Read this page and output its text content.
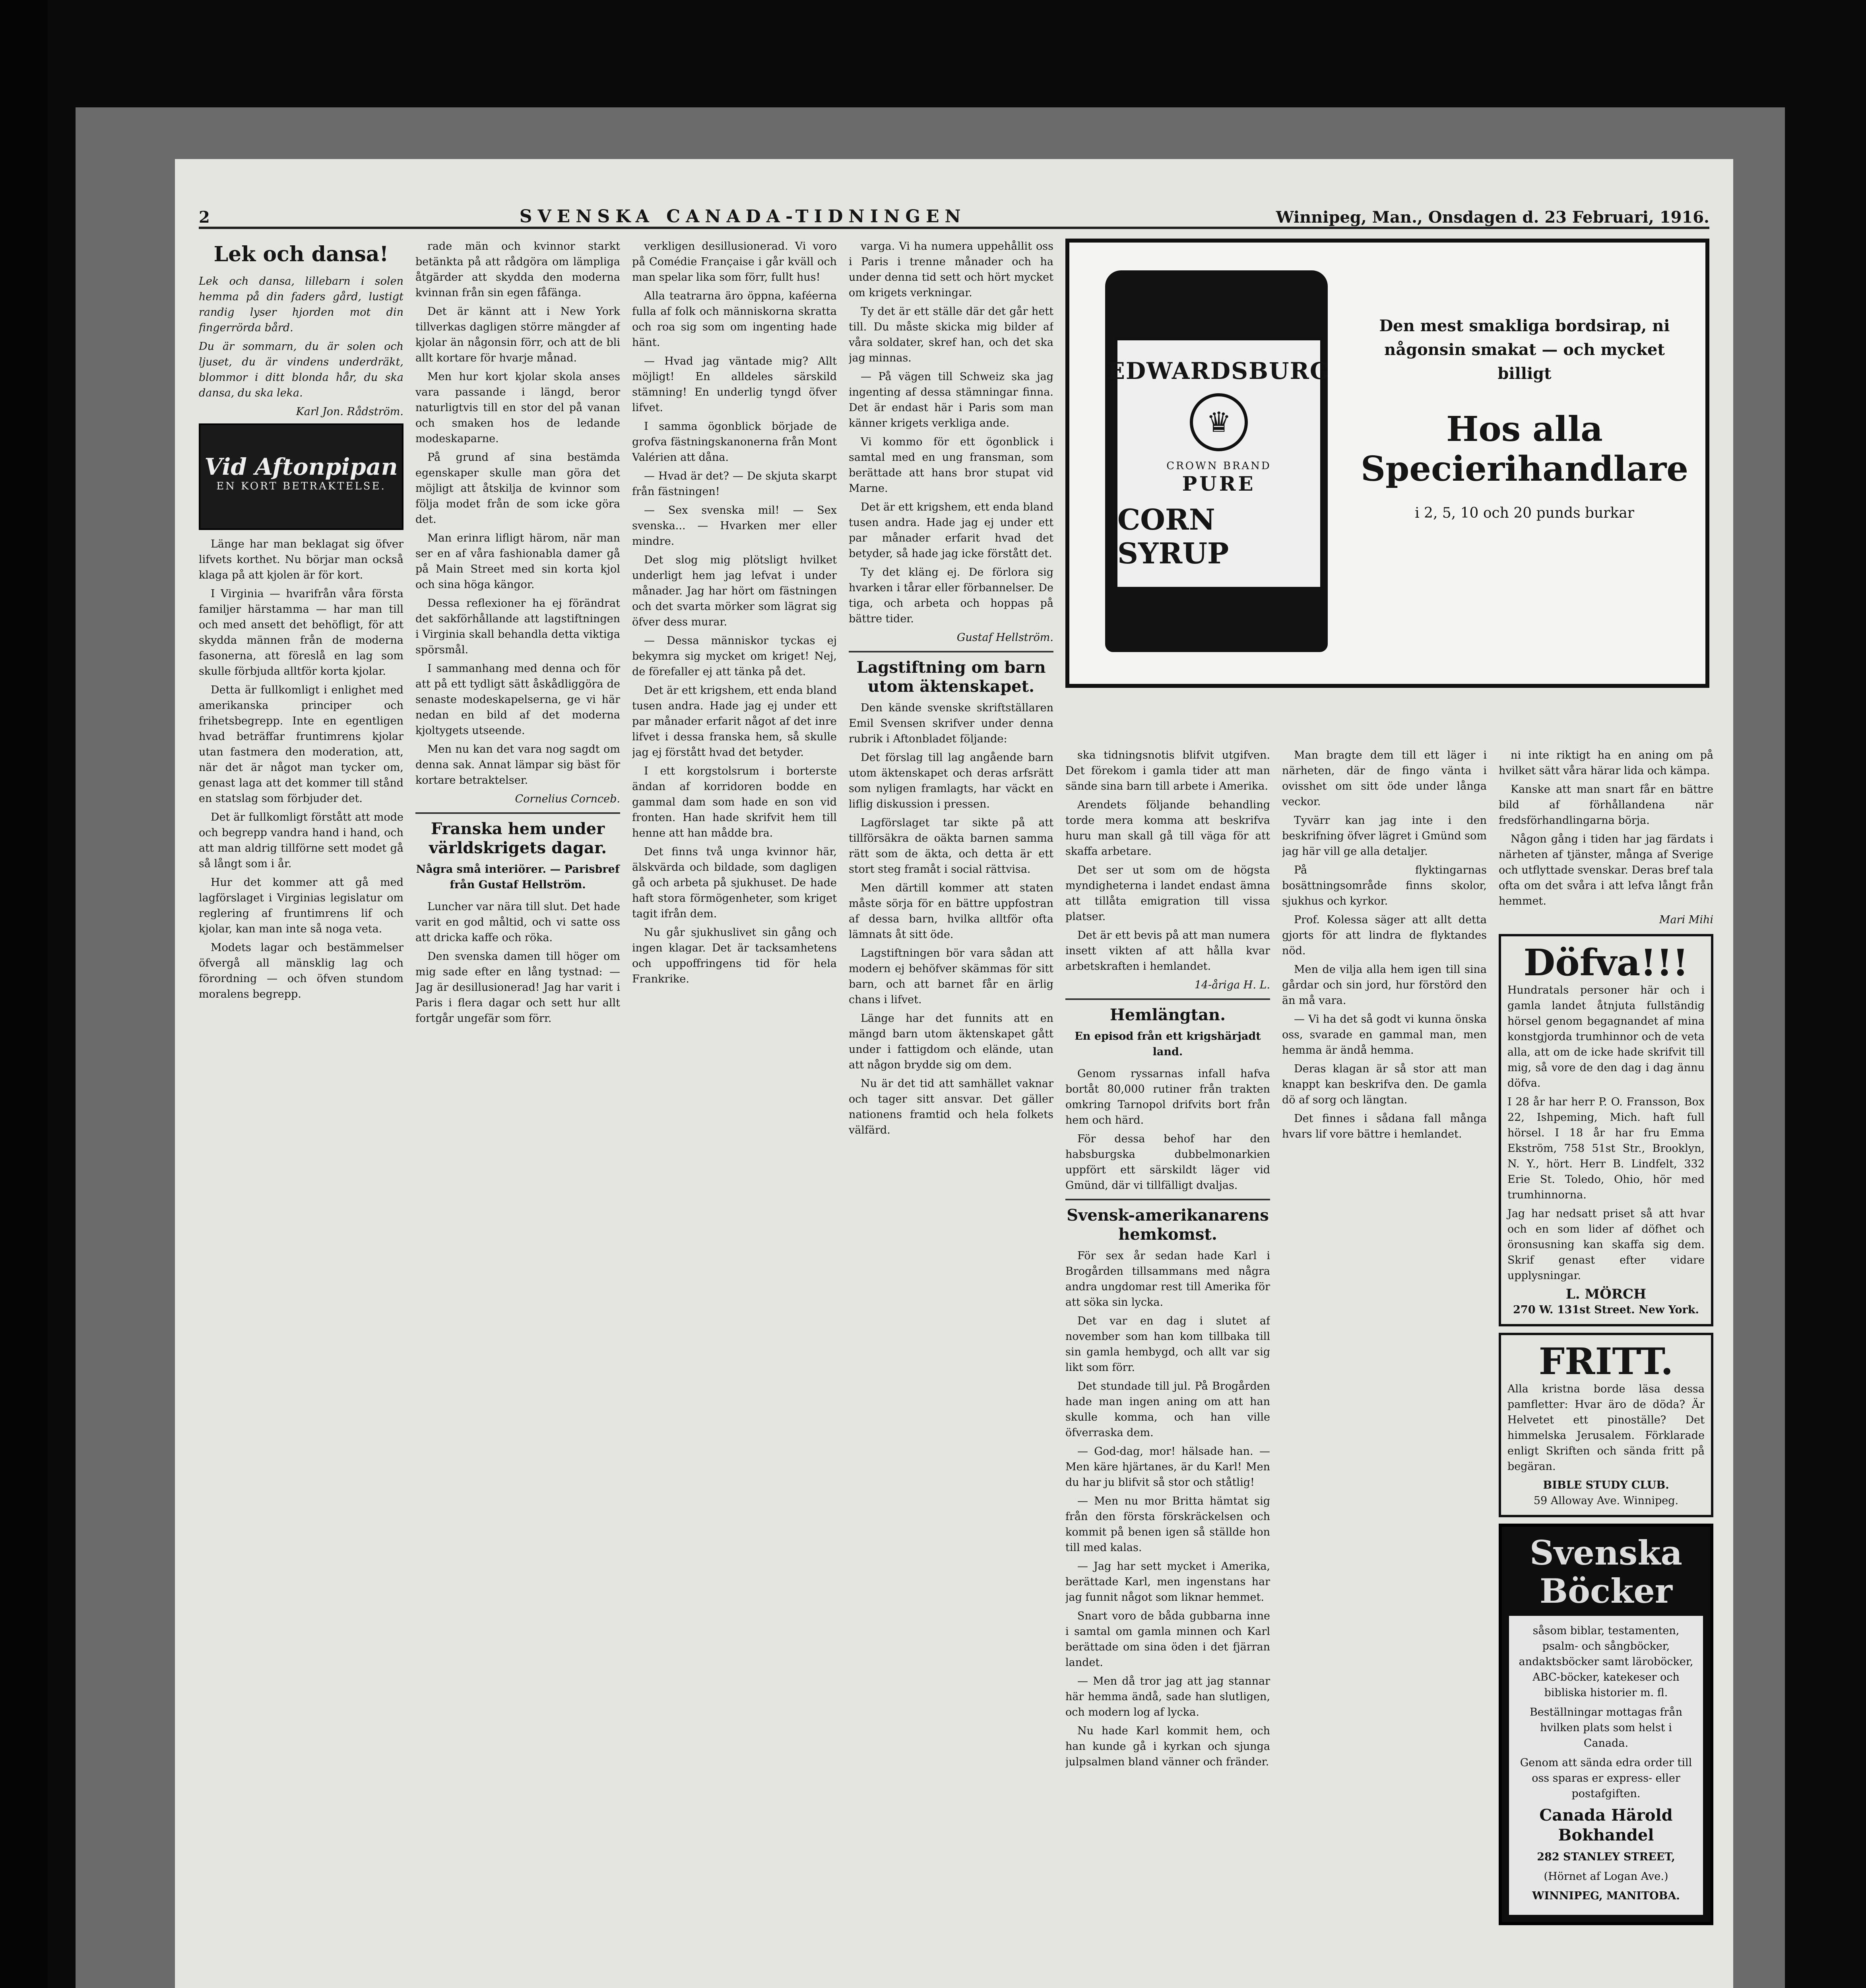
2	SVENSKA CANADA-TIDNINGEN	Winnipeg, Man., Onsdagen d. 23 Februari, 1916.
Lek och dansa!

Lek och dansa, lillebarn i solen hemma på din faders gård, lustigt randig lyser hjorden mot din fingerrörda bård.

Du är sommarn, du är solen och ljuset, du är vindens underdräkt, blommor i ditt blonda hår, du ska dansa, du ska leka.

Karl Jon. Rådström.

Vid Aftonpipan
EN KORT BETRAKTELSE.

Länge har man beklagat sig öfver lifvets korthet. Nu börjar man också klaga på att kjolen är för kort.

I Virginia — hvarifrån våra första familjer härstamma — har man till och med ansett det behöfligt, för att skydda männen från de moderna fasonerna, att föreslå en lag som skulle förbjuda alltför korta kjolar.

Detta är fullkomligt i enlighet med amerikanska principer och frihetsbegrepp. Inte en egentligen hvad beträffar fruntimrens kjolar utan fastmera den moderation, att, när det är något man tycker om, genast laga att det kommer till stånd en statslag som förbjuder det.

Det är fullkomligt förstått att mode och begrepp vandra hand i hand, och att man aldrig tillförne sett modet gå så långt som i år.

Hur det kommer att gå med lagförslaget i Virginias legislatur om reglering af fruntimrens lif och kjolar, kan man inte så noga veta.

Modets lagar och bestämmelser öfvergå all mänsklig lag och förordning — och öfven stundom moralens begrepp.

rade män och kvinnor starkt betänkta på att rådgöra om lämpliga åtgärder att skydda den moderna kvinnan från sin egen fåfänga.

Det är kännt att i New York tillverkas dagligen större mängder af kjolar än någonsin förr, och att de bli allt kortare för hvarje månad.

Men hur kort kjolar skola anses vara passande i längd, beror naturligtvis till en stor del på vanan och smaken hos de ledande modeskaparne.

På grund af sina bestämda egenskaper skulle man göra det möjligt att åtskilja de kvinnor som följa modet från de som icke göra det.

Man erinra lifligt härom, när man ser en af våra fashionabla damer gå på Main Street med sin korta kjol och sina höga kängor.

Dessa reflexioner ha ej förändrat det sakförhållande att lagstiftningen i Virginia skall behandla detta viktiga spörsmål.

I sammanhang med denna och för att på ett tydligt sätt åskådliggöra de senaste modeskapelserna, ge vi här nedan en bild af det moderna kjoltygets utseende.

Men nu kan det vara nog sagdt om denna sak. Annat lämpar sig bäst för kortare betraktelser.

Cornelius Cornceb.

Franska hem under världskrigets dagar.

Några små interiörer. — Parisbref från Gustaf Hellström.

Luncher var nära till slut. Det hade varit en god måltid, och vi satte oss att dricka kaffe och röka.

Den svenska damen till höger om mig sade efter en lång tystnad: — Jag är desillusionerad! Jag har varit i Paris i flera dagar och sett hur allt fortgår ungefär som förr.

verkligen desillusionerad. Vi voro på Comédie Française i går kväll och man spelar lika som förr, fullt hus!

Alla teatrarna äro öppna, kaféerna fulla af folk och människorna skratta och roa sig som om ingenting hade hänt.

— Hvad jag väntade mig? Allt möjligt! En alldeles särskild stämning! En underlig tyngd öfver lifvet.

I samma ögonblick började de grofva fästningskanonerna från Mont Valérien att dåna.

— Hvad är det? — De skjuta skarpt från fästningen!

— Sex svenska mil! — Sex svenska... — Hvarken mer eller mindre.

Det slog mig plötsligt hvilket underligt hem jag lefvat i under månader. Jag har hört om fästningen och det svarta mörker som lägrat sig öfver dess murar.

— Dessa människor tyckas ej bekymra sig mycket om kriget! Nej, de förefaller ej att tänka på det.

Det är ett krigshem, ett enda bland tusen andra. Hade jag ej under ett par månader erfarit något af det inre lifvet i dessa franska hem, så skulle jag ej förstått hvad det betyder.

I ett korgstolsrum i borterste ändan af korridoren bodde en gammal dam som hade en son vid fronten. Han hade skrifvit hem till henne att han mådde bra.

Det finns två unga kvinnor här, älskvärda och bildade, som dagligen gå och arbeta på sjukhuset. De hade haft stora förmögenheter, som kriget tagit ifrån dem.

Nu går sjukhuslivet sin gång och ingen klagar. Det är tacksamhetens och uppoffringens tid för hela Frankrike.

varga. Vi ha numera uppehållit oss i Paris i trenne månader och ha under denna tid sett och hört mycket om krigets verkningar.

Ty det är ett ställe där det går hett till. Du måste skicka mig bilder af våra soldater, skref han, och det ska jag minnas.

— På vägen till Schweiz ska jag ingenting af dessa stämningar finna. Det är endast här i Paris som man känner krigets verkliga ande.

Vi kommo för ett ögonblick i samtal med en ung fransman, som berättade att hans bror stupat vid Marne.

Det är ett krigshem, ett enda bland tusen andra. Hade jag ej under ett par månader erfarit hvad det betyder, så hade jag icke förstått det.

Ty det kläng ej. De förlora sig hvarken i tårar eller förbannelser. De tiga, och arbeta och hoppas på bättre tider.

Gustaf Hellström.

Lagstiftning om barn utom äktenskapet.

Den kände svenske skriftställaren Emil Svensen skrifver under denna rubrik i Aftonbladet följande:

Det förslag till lag angående barn utom äktenskapet och deras arfsrätt som nyligen framlagts, har väckt en liflig diskussion i pressen.

Lagförslaget tar sikte på att tillförsäkra de oäkta barnen samma rätt som de äkta, och detta är ett stort steg framåt i social rättvisa.

Men därtill kommer att staten måste sörja för en bättre uppfostran af dessa barn, hvilka alltför ofta lämnats åt sitt öde.

Lagstiftningen bör vara sådan att modern ej behöfver skämmas för sitt barn, och att barnet får en ärlig chans i lifvet.

Länge har det funnits att en mängd barn utom äktenskapet gått under i fattigdom och elände, utan att någon brydde sig om dem.

Nu är det tid att samhället vaknar och tager sitt ansvar. Det gäller nationens framtid och hela folkets välfärd.

EDWARDSBURG
♛
CROWN BRAND
PURE
CORN SYRUP
Den mest smakliga bordsirap, ni någonsin smakat — och mycket billigt
Hos alla Specierihandlare
i 2, 5, 10 och 20 punds burkar

ska tidningsnotis blifvit utgifven. Det förekom i gamla tider att man sände sina barn till arbete i Amerika.

Arendets följande behandling torde mera komma att beskrifva huru man skall gå till väga för att skaffa arbetare.

Det ser ut som om de högsta myndigheterna i landet endast ämna att tillåta emigration till vissa platser.

Det är ett bevis på att man numera insett vikten af att hålla kvar arbetskraften i hemlandet.

14-åriga H. L.

Hemlängtan.

En episod från ett krigshärjadt land.

Genom ryssarnas infall hafva bortåt 80,000 rutiner från trakten omkring Tarnopol drifvits bort från hem och härd.

För dessa behof har den habsburgska dubbelmonarkien uppfört ett särskildt läger vid Gmünd, där vi tillfälligt dvaljas.

Svensk-amerikanarens hemkomst.

För sex år sedan hade Karl i Brogården tillsammans med några andra ungdomar rest till Amerika för att söka sin lycka.

Det var en dag i slutet af november som han kom tillbaka till sin gamla hembygd, och allt var sig likt som förr.

Det stundade till jul. På Brogården hade man ingen aning om att han skulle komma, och han ville öfverraska dem.

— God-dag, mor! hälsade han. — Men käre hjärtanes, är du Karl! Men du har ju blifvit så stor och ståtlig!

— Men nu mor Britta hämtat sig från den första förskräckelsen och kommit på benen igen så ställde hon till med kalas.

— Jag har sett mycket i Amerika, berättade Karl, men ingenstans har jag funnit något som liknar hemmet.

Snart voro de båda gubbarna inne i samtal om gamla minnen och Karl berättade om sina öden i det fjärran landet.

— Men då tror jag att jag stannar här hemma ändå, sade han slutligen, och modern log af lycka.

Nu hade Karl kommit hem, och han kunde gå i kyrkan och sjunga julpsalmen bland vänner och fränder.

Man bragte dem till ett läger i närheten, där de fingo vänta i ovisshet om sitt öde under långa veckor.

Tyvärr kan jag inte i den beskrifning öfver lägret i Gmünd som jag här vill ge alla detaljer.

På flyktingarnas bosättningsområde finns skolor, sjukhus och kyrkor.

Prof. Kolessa säger att allt detta gjorts för att lindra de flyktandes nöd.

Men de vilja alla hem igen till sina gårdar och sin jord, hur förstörd den än må vara.

— Vi ha det så godt vi kunna önska oss, svarade en gammal man, men hemma är ändå hemma.

Deras klagan är så stor att man knappt kan beskrifva den. De gamla dö af sorg och längtan.

Det finnes i sådana fall många hvars lif vore bättre i hemlandet.

ni inte riktigt ha en aning om på hvilket sätt våra härar lida och kämpa.

Kanske att man snart får en bättre bild af förhållandena när fredsförhandlingarna börja.

Någon gång i tiden har jag färdats i närheten af tjänster, många af Sverige och utflyttade svenskar. Deras bref tala ofta om det svåra i att lefva långt från hemmet.

Mari Mihi

Döfva!!!

Hundratals personer här och i gamla landet åtnjuta fullständig hörsel genom begagnandet af mina konstgjorda trumhinnor och de veta alla, att om de icke hade skrifvit till mig, så vore de den dag i dag ännu döfva.

I 28 år har herr P. O. Fransson, Box 22, Ishpeming, Mich. haft full hörsel. I 18 år har fru Emma Ekström, 758 51st Str., Brooklyn, N. Y., hört. Herr B. Lindfelt, 332 Erie St. Toledo, Ohio, hör med trumhinnorna.

Jag har nedsatt priset så att hvar och en som lider af döfhet och öronsusning kan skaffa sig dem. Skrif genast efter vidare upplysningar.

L. MÖRCH
270 W. 131st Street. New York.
FRITT.

Alla kristna borde läsa dessa pamfletter: Hvar äro de döda? Är Helvetet ett pinoställe? Det himmelska Jerusalem. Förklarade enligt Skriften och sända fritt på begäran.

BIBLE STUDY CLUB.
59 Alloway Ave. Winnipeg.
Svenska Böcker

såsom biblar, testamenten, psalm- och sångböcker, andaktsböcker samt läroböcker, ABC-böcker, katekeser och bibliska historier m. fl.

Beställningar mottagas från hvilken plats som helst i Canada.

Genom att sända edra order till oss sparas er express- eller postafgiften.

Canada Härold Bokhandel

282 STANLEY STREET,

(Hörnet af Logan Ave.)

WINNIPEG, MANITOBA.
